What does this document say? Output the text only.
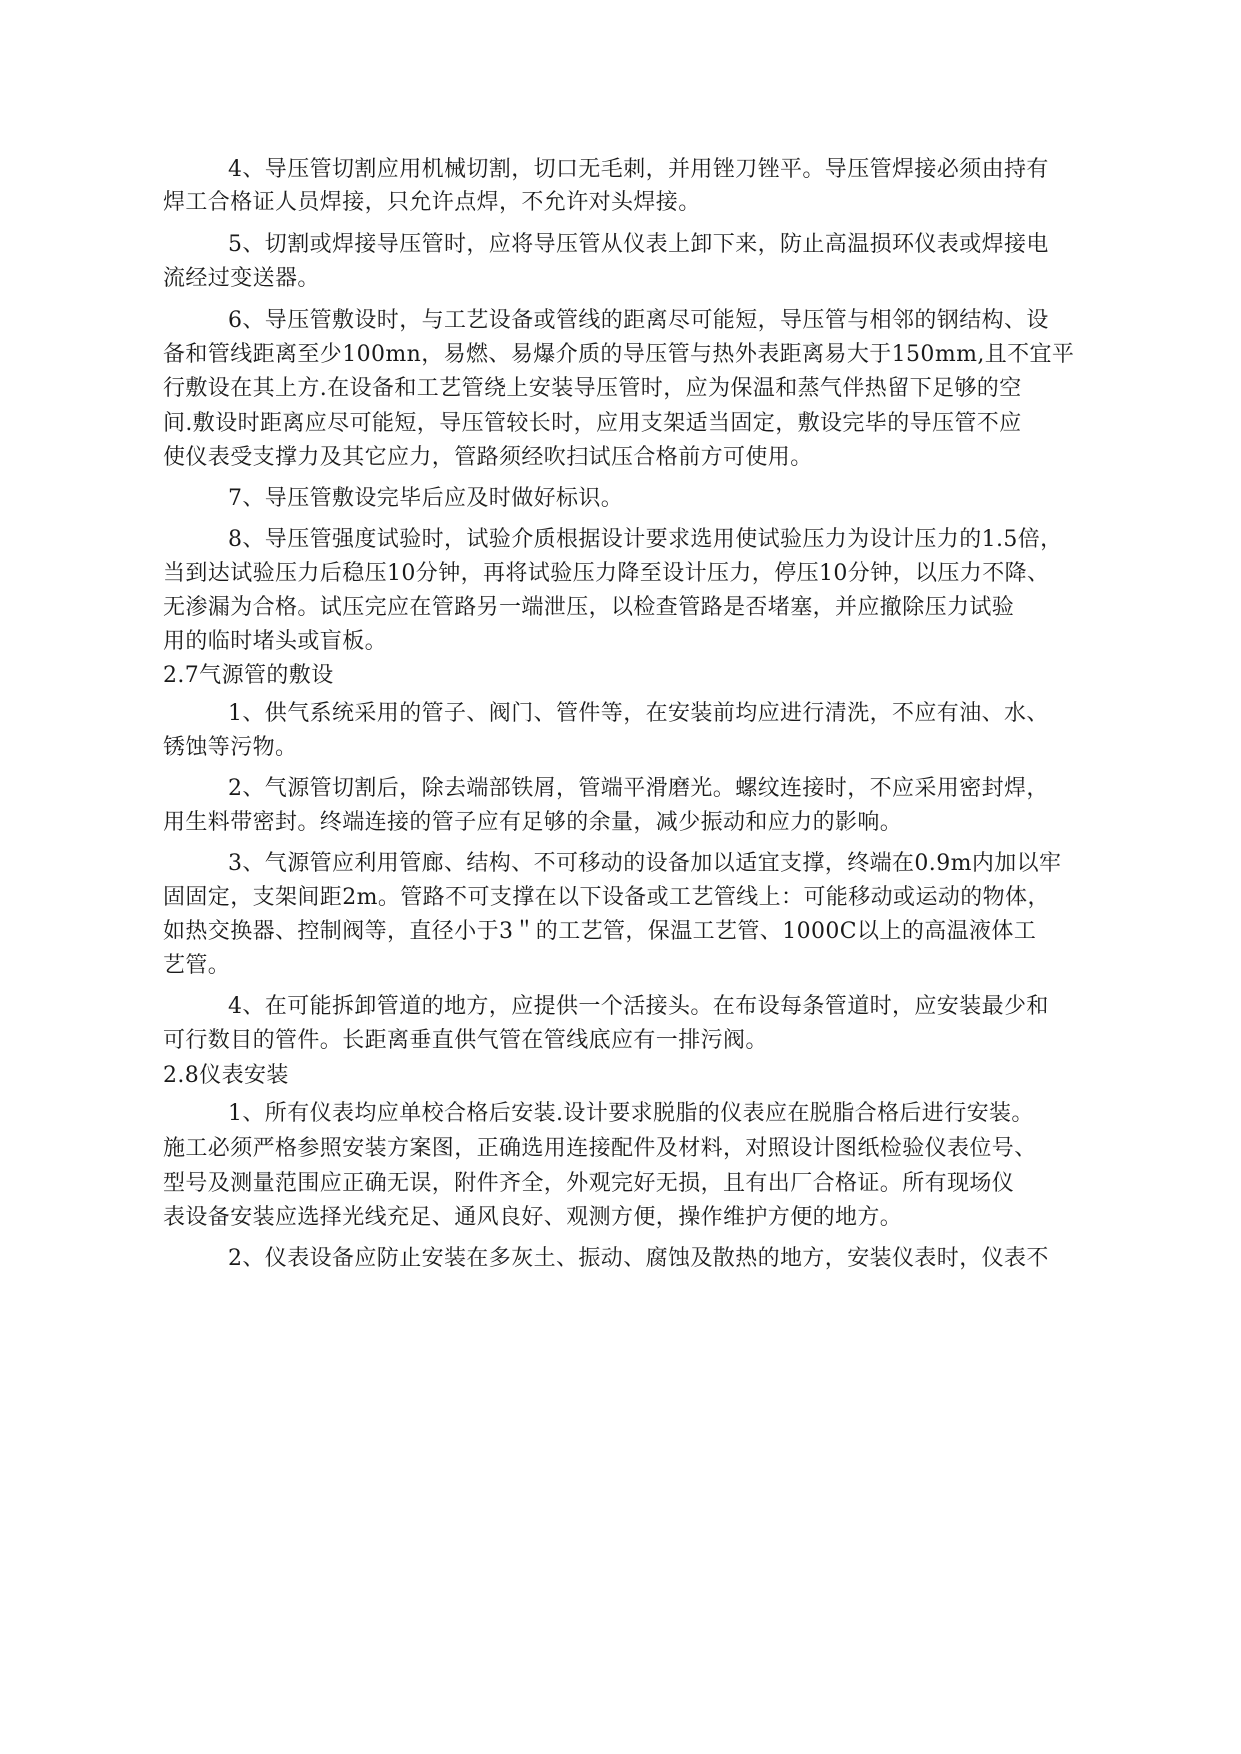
4、导压管切割应用机械切割，切口无毛刺，并用锉刀锉平。导压管焊接必须由持有
焊工合格证人员焊接，只允许点焊，不允许对头焊接。
5、切割或焊接导压管时，应将导压管从仪表上卸下来，防止高温损环仪表或焊接电
流经过变送器。
6、导压管敷设时，与工艺设备或管线的距离尽可能短，导压管与相邻的钢结构、设
备和管线距离至少100mn，易燃、易爆介质的导压管与热外表距离易大于150mm,且不宜平
行敷设在其上方.在设备和工艺管绕上安装导压管时，应为保温和蒸气伴热留下足够的空
间.敷设时距离应尽可能短，导压管较长时，应用支架适当固定，敷设完毕的导压管不应
使仪表受支撑力及其它应力，管路须经吹扫试压合格前方可使用。
7、导压管敷设完毕后应及时做好标识。
8、导压管强度试验时，试验介质根据设计要求选用使试验压力为设计压力的1.5倍，
当到达试验压力后稳压10分钟，再将试验压力降至设计压力，停压10分钟，以压力不降、
无渗漏为合格。试压完应在管路另一端泄压，以检查管路是否堵塞，并应撤除压力试验
用的临时堵头或盲板。
2.7气源管的敷设
1、供气系统采用的管子、阀门、管件等，在安装前均应进行清洗，不应有油、水、
锈蚀等污物。
2、气源管切割后，除去端部铁屑，管端平滑磨光。螺纹连接时，不应采用密封焊，
用生料带密封。终端连接的管子应有足够的余量，减少振动和应力的影响。
3、气源管应利用管廊、结构、不可移动的设备加以适宜支撑，终端在0.9m内加以牢
固固定，支架间距2m。管路不可支撑在以下设备或工艺管线上：可能移动或运动的物体，
如热交换器、控制阀等，直径小于3＂的工艺管，保温工艺管、1000C以上的高温液体工
艺管。
4、在可能拆卸管道的地方，应提供一个活接头。在布设每条管道时，应安装最少和
可行数目的管件。长距离垂直供气管在管线底应有一排污阀。
2.8仪表安装
1、所有仪表均应单校合格后安装.设计要求脱脂的仪表应在脱脂合格后进行安装。
施工必须严格参照安装方案图，正确选用连接配件及材料，对照设计图纸检验仪表位号、
型号及测量范围应正确无误，附件齐全，外观完好无损，且有出厂合格证。所有现场仪
表设备安装应选择光线充足、通风良好、观测方便，操作维护方便的地方。
2、仪表设备应防止安装在多灰土、振动、腐蚀及散热的地方，安装仪表时，仪表不
